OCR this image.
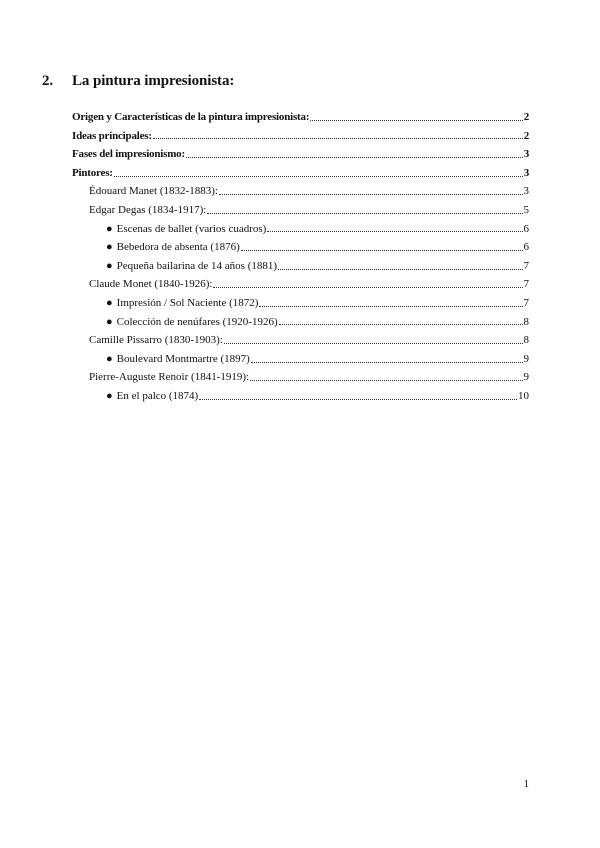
2. La pintura impresionista:
Origen y Características de la pintura impresionista:	2
Ideas principales:	2
Fases del impresionismo:	3
Pintores:	3
Édouard Manet (1832-1883):	3
Edgar Degas (1834-1917):	5
● Escenas de ballet (varios cuadros)	6
● Bebedora de absenta (1876)	6
● Pequeña bailarina de 14 años (1881)	7
Claude Monet (1840-1926):	7
● Impresión / Sol Naciente (1872)	7
● Colección de nenúfares (1920-1926)	8
Camille Pissarro (1830-1903):	8
● Boulevard Montmartre (1897)	9
Pierre-Auguste Renoir (1841-1919):	9
● En el palco (1874)	10
1
